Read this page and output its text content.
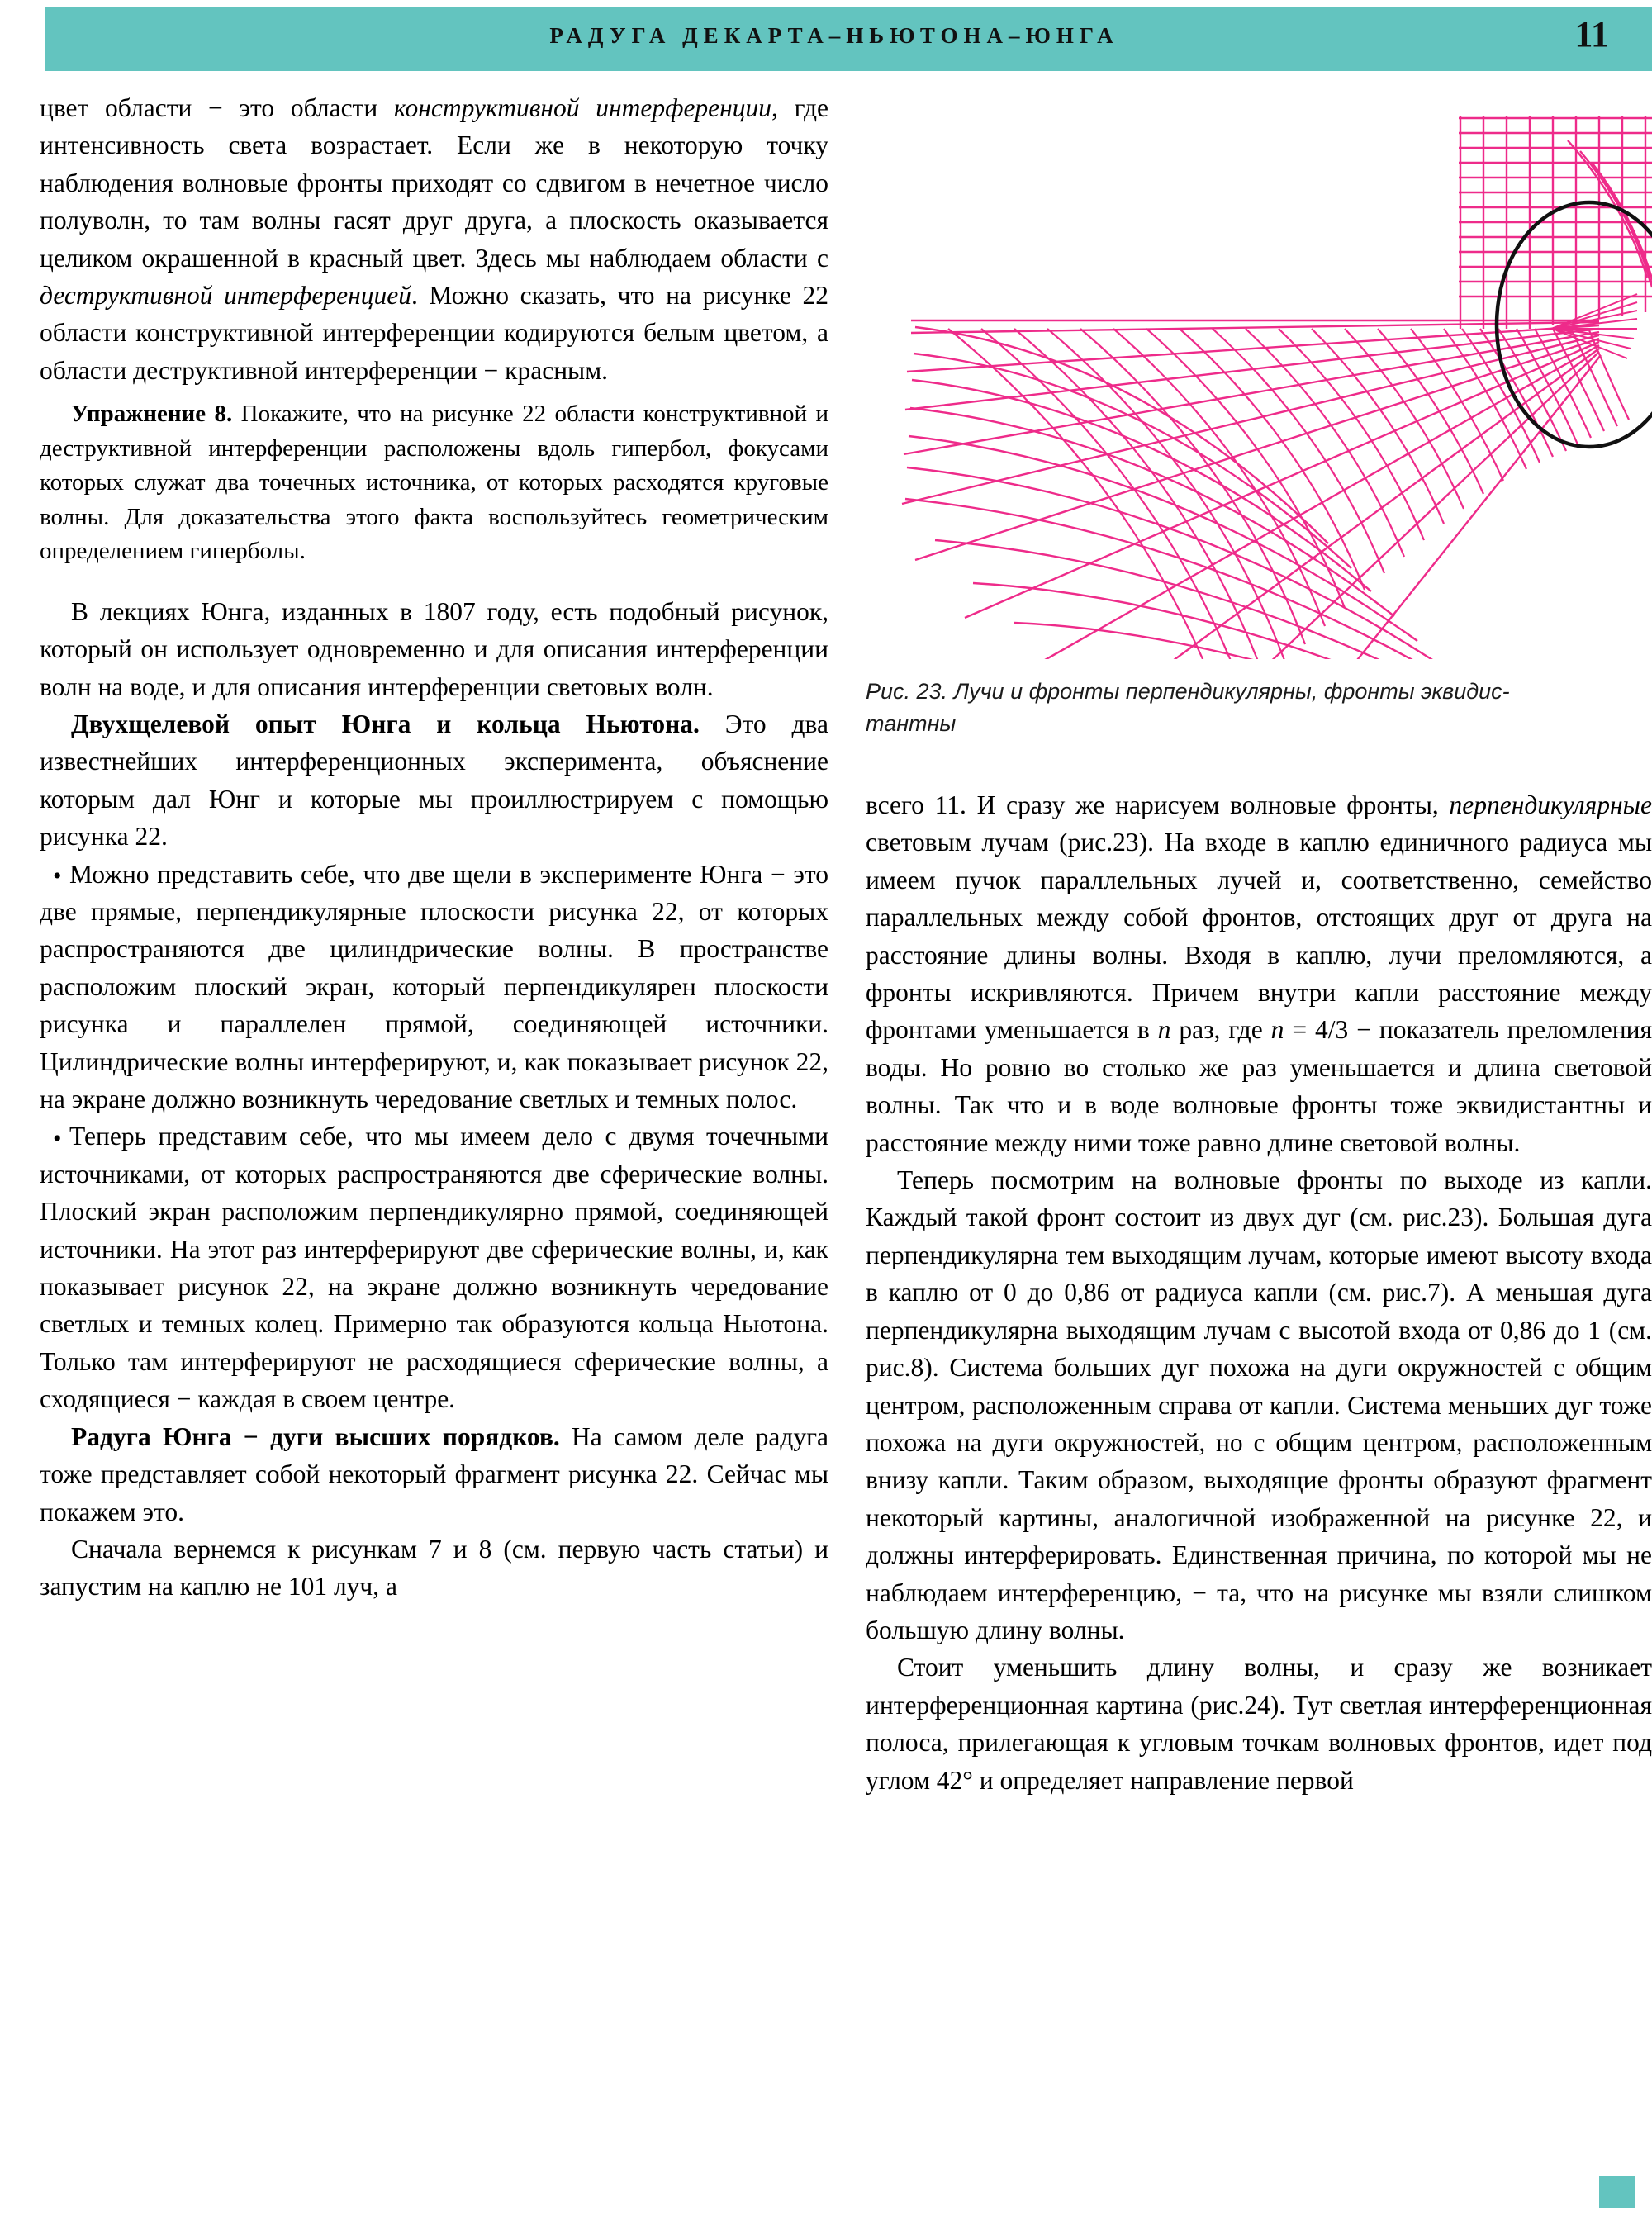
РАДУГА ДЕКАРТА–НЬЮТОНА–ЮНГА	11
Рис. 23. Лучи и фронты перпендикулярны, фронты эквидис-
тантны

цвет области − это области конструктивной интерференции, где интенсивность света возрастает. Если же в некоторую точку наблюдения волновые фронты приходят со сдвигом в нечетное число полуволн, то там волны гасят друг друга, а плоскость оказывается целиком окрашенной в красный цвет. Здесь мы наблюдаем области с деструктивной интерференцией. Можно сказать, что на рисунке 22 области конструктивной интерференции кодируются белым цветом, а области деструктивной интерференции − красным.

Упражнение 8. Покажите, что на рисунке 22 области конструктивной и деструктивной интерференции расположены вдоль гипербол, фокусами которых служат два точечных источника, от которых расходятся круговые волны. Для доказательства этого факта воспользуйтесь геометрическим определением гиперболы.

В лекциях Юнга, изданных в 1807 году, есть подобный рисунок, который он использует одновременно и для описания интерференции волн на воде, и для описания интерференции световых волн.

Двухщелевой опыт Юнга и кольца Ньютона. Это два известнейших интерференционных эксперимента, объяснение которым дал Юнг и которые мы проиллюстрируем с помощью рисунка 22.

• Можно представить себе, что две щели в эксперименте Юнга − это две прямые, перпендикулярные плоскости рисунка 22, от которых распространяются две цилиндрические волны. В пространстве расположим плоский экран, который перпендикулярен плоскости рисунка и параллелен прямой, соединяющей источники. Цилиндрические волны интерферируют, и, как показывает рисунок 22, на экране должно возникнуть чередование светлых и темных полос.

• Теперь представим себе, что мы имеем дело с двумя точечными источниками, от которых распространяются две сферические волны. Плоский экран расположим перпендикулярно прямой, соединяющей источники. На этот раз интерферируют две сферические волны, и, как показывает рисунок 22, на экране должно возникнуть чередование светлых и темных колец. Примерно так образуются кольца Ньютона. Только там интерферируют не расходящиеся сферические волны, а сходящиеся − каждая в своем центре.

Радуга Юнга − дуги высших порядков. На самом деле радуга тоже представляет собой некоторый фрагмент рисунка 22. Сейчас мы покажем это.

Сначала вернемся к рисункам 7 и 8 (см. первую часть статьи) и запустим на каплю не 101 луч, а

всего 11. И сразу же нарисуем волновые фронты, перпендикулярные световым лучам (рис.23). На входе в каплю единичного радиуса мы имеем пучок параллельных лучей и, соответственно, семейство параллельных между собой фронтов, отстоящих друг от друга на расстояние длины волны. Входя в каплю, лучи преломляются, а фронты искривляются. Причем внутри капли расстояние между фронтами уменьшается в n раз, где n = 4/3 − показатель преломления воды. Но ровно во столько же раз уменьшается и длина световой волны. Так что и в воде волновые фронты тоже эквидистантны и расстояние между ними тоже равно длине световой волны.

Теперь посмотрим на волновые фронты по выходе из капли. Каждый такой фронт состоит из двух дуг (см. рис.23). Большая дуга перпендикулярна тем выходящим лучам, которые имеют высоту входа в каплю от 0 до 0,86 от радиуса капли (см. рис.7). А меньшая дуга перпендикулярна выходящим лучам с высотой входа от 0,86 до 1 (см. рис.8). Система больших дуг похожа на дуги окружностей с общим центром, расположенным справа от капли. Система меньших дуг тоже похожа на дуги окружностей, но с общим центром, расположенным внизу капли. Таким образом, выходящие фронты образуют фрагмент некоторый картины, аналогичной изображенной на рисунке 22, и должны интерферировать. Единственная причина, по которой мы не наблюдаем интерференцию, − та, что на рисунке мы взяли слишком большую длину волны.

Стоит уменьшить длину волны, и сразу же возникает интерференционная картина (рис.24). Тут светлая интерференционная полоса, прилегающая к угловым точкам волновых фронтов, идет под углом 42° и определяет направление первой
